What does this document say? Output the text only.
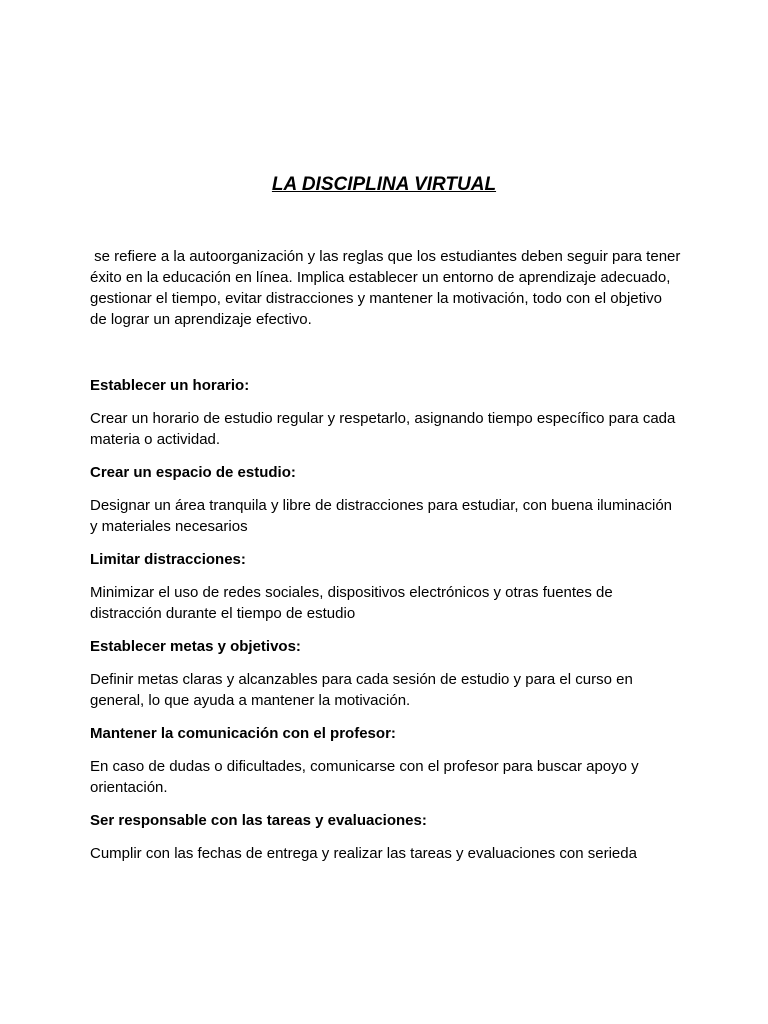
LA DISCIPLINA VIRTUAL

se refiere a la autoorganización y las reglas que los estudiantes deben seguir para tener éxito en la educación en línea. Implica establecer un entorno de aprendizaje adecuado, gestionar el tiempo, evitar distracciones y mantener la motivación, todo con el objetivo de lograr un aprendizaje efectivo.

Establecer un horario:

Crear un horario de estudio regular y respetarlo, asignando tiempo específico para cada materia o actividad.

Crear un espacio de estudio:

Designar un área tranquila y libre de distracciones para estudiar, con buena iluminación y materiales necesarios

Limitar distracciones:

Minimizar el uso de redes sociales, dispositivos electrónicos y otras fuentes de distracción durante el tiempo de estudio

Establecer metas y objetivos:

Definir metas claras y alcanzables para cada sesión de estudio y para el curso en general, lo que ayuda a mantener la motivación.

Mantener la comunicación con el profesor:

En caso de dudas o dificultades, comunicarse con el profesor para buscar apoyo y orientación.

Ser responsable con las tareas y evaluaciones:

Cumplir con las fechas de entrega y realizar las tareas y evaluaciones con serieda
